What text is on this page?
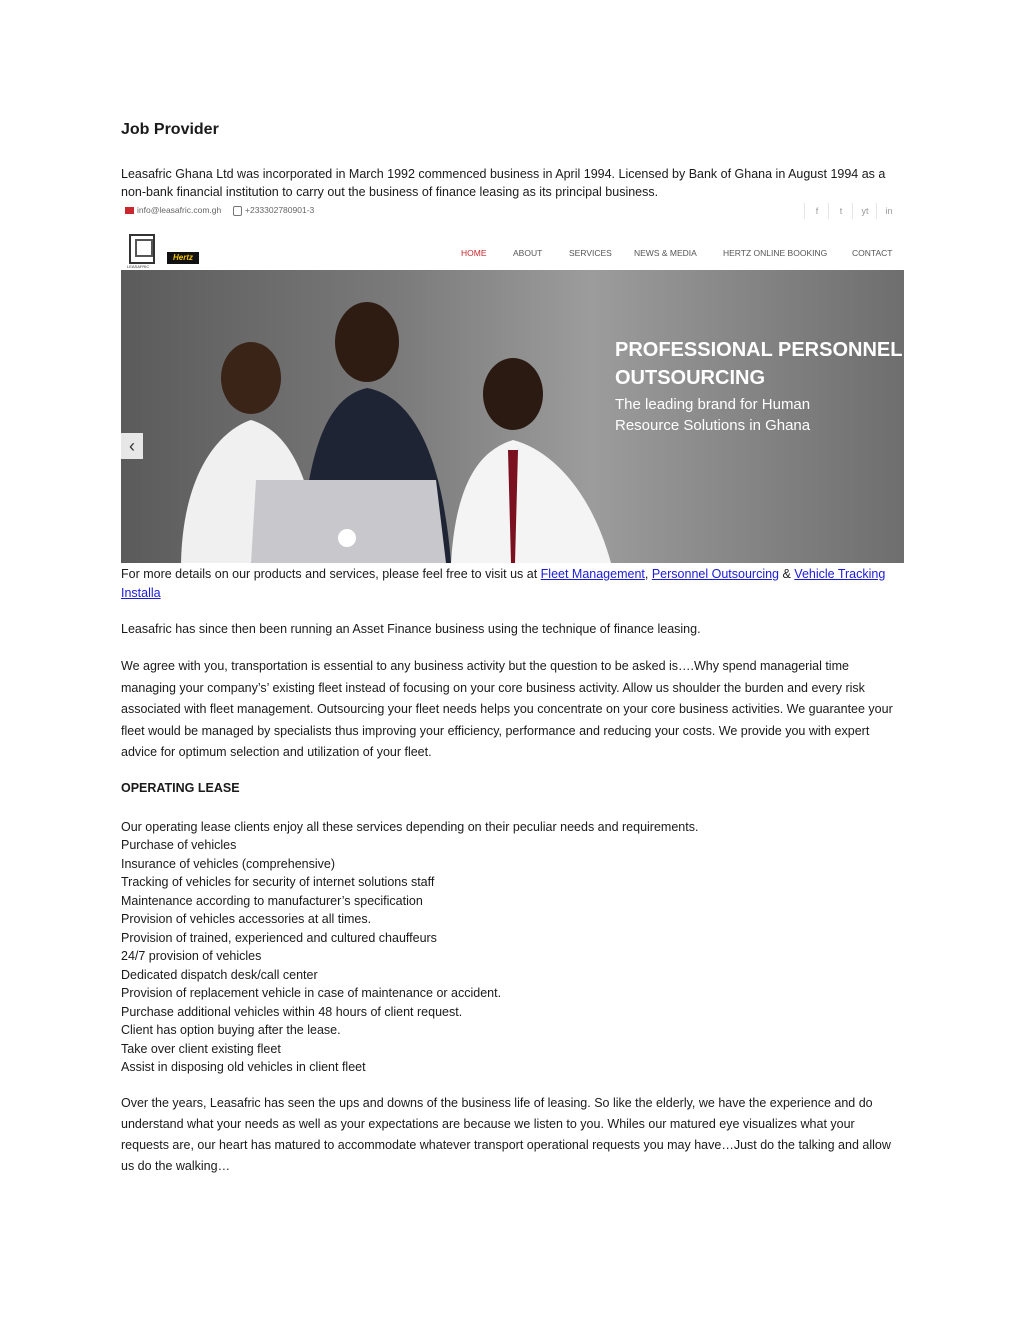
Job Provider

Leasafric Ghana Ltd was incorporated in March 1992 commenced business in April 1994. Licensed by Bank of Ghana in August 1994 as a non-bank financial institution to carry out the business of finance leasing as its principal business.

info@leasafric.com.gh	+233302780901-3	f	t	yt	in
LEASAFRIC
Hertz	HOME	ABOUT	SERVICES	NEWS & MEDIA	HERTZ ONLINE BOOKING	CONTACT
PROFESSIONAL PERSONNEL
OUTSOURCING
The leading brand for Human
Resource Solutions in Ghana
‹

For more details on our products and services, please feel free to visit us at Fleet Management, Personnel Outsourcing & Vehicle Tracking Installa

Leasafric has since then been running an Asset Finance business using the technique of finance leasing.

We agree with you, transportation is essential to any business activity but the question to be asked is….Why spend managerial time managing your company’s’ existing fleet instead of focusing on your core business activity. Allow us shoulder the burden and every risk associated with fleet management. Outsourcing your fleet needs helps you concentrate on your core business activities. We guarantee your fleet would be managed by specialists thus improving your efficiency, performance and reducing your costs. We provide you with expert advice for optimum selection and utilization of your fleet.

OPERATING LEASE

Our operating lease clients enjoy all these services depending on their peculiar needs and requirements.

Purchase of vehicles
Insurance of vehicles (comprehensive)
Tracking of vehicles for security of internet solutions staff
Maintenance according to manufacturer’s specification
Provision of vehicles accessories at all times.
Provision of trained, experienced and cultured chauffeurs
24/7 provision of vehicles
Dedicated dispatch desk/call center
Provision of replacement vehicle in case of maintenance or accident.
Purchase additional vehicles within 48 hours of client request.
Client has option buying after the lease.
Take over client existing fleet
Assist in disposing old vehicles in client fleet

Over the years, Leasafric has seen the ups and downs of the business life of leasing. So like the elderly, we have the experience and do understand what your needs as well as your expectations are because we listen to you. Whiles our matured eye visualizes what your requests are, our heart has matured to accommodate whatever transport operational requests you may have…Just do the talking and allow us do the walking…
